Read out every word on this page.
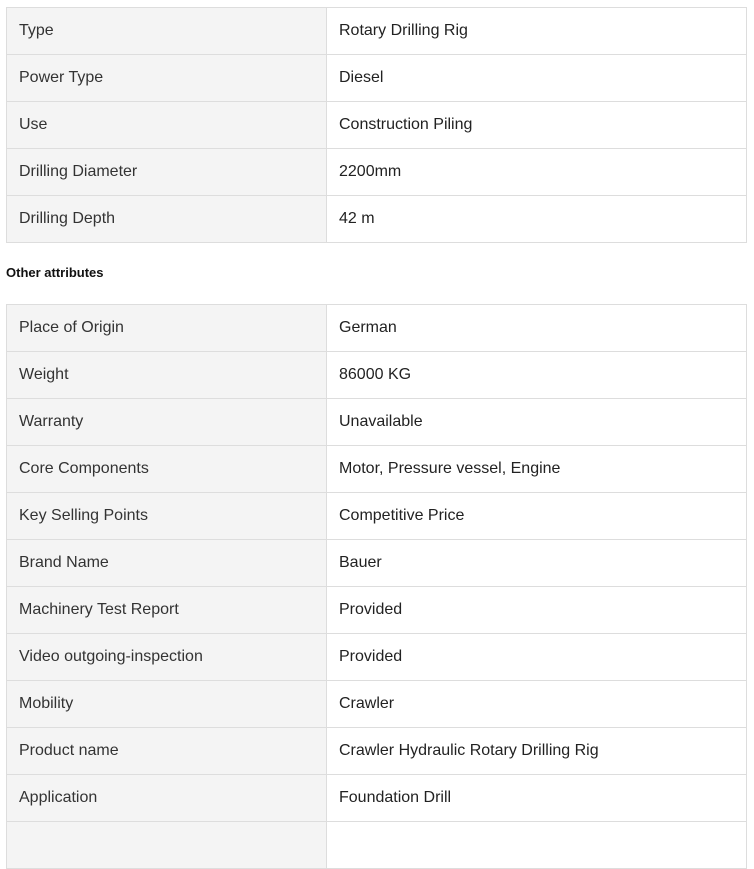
Type	Rotary Drilling Rig
Power Type	Diesel
Use	Construction Piling
Drilling Diameter	2200mm
Drilling Depth	42 m
Other attributes
Place of Origin	German
Weight	86000 KG
Warranty	Unavailable
Core Components	Motor, Pressure vessel, Engine
Key Selling Points	Competitive Price
Brand Name	Bauer
Machinery Test Report	Provided
Video outgoing-inspection	Provided
Mobility	Crawler
Product name	Crawler Hydraulic Rotary Drilling Rig
Application	Foundation Drill
